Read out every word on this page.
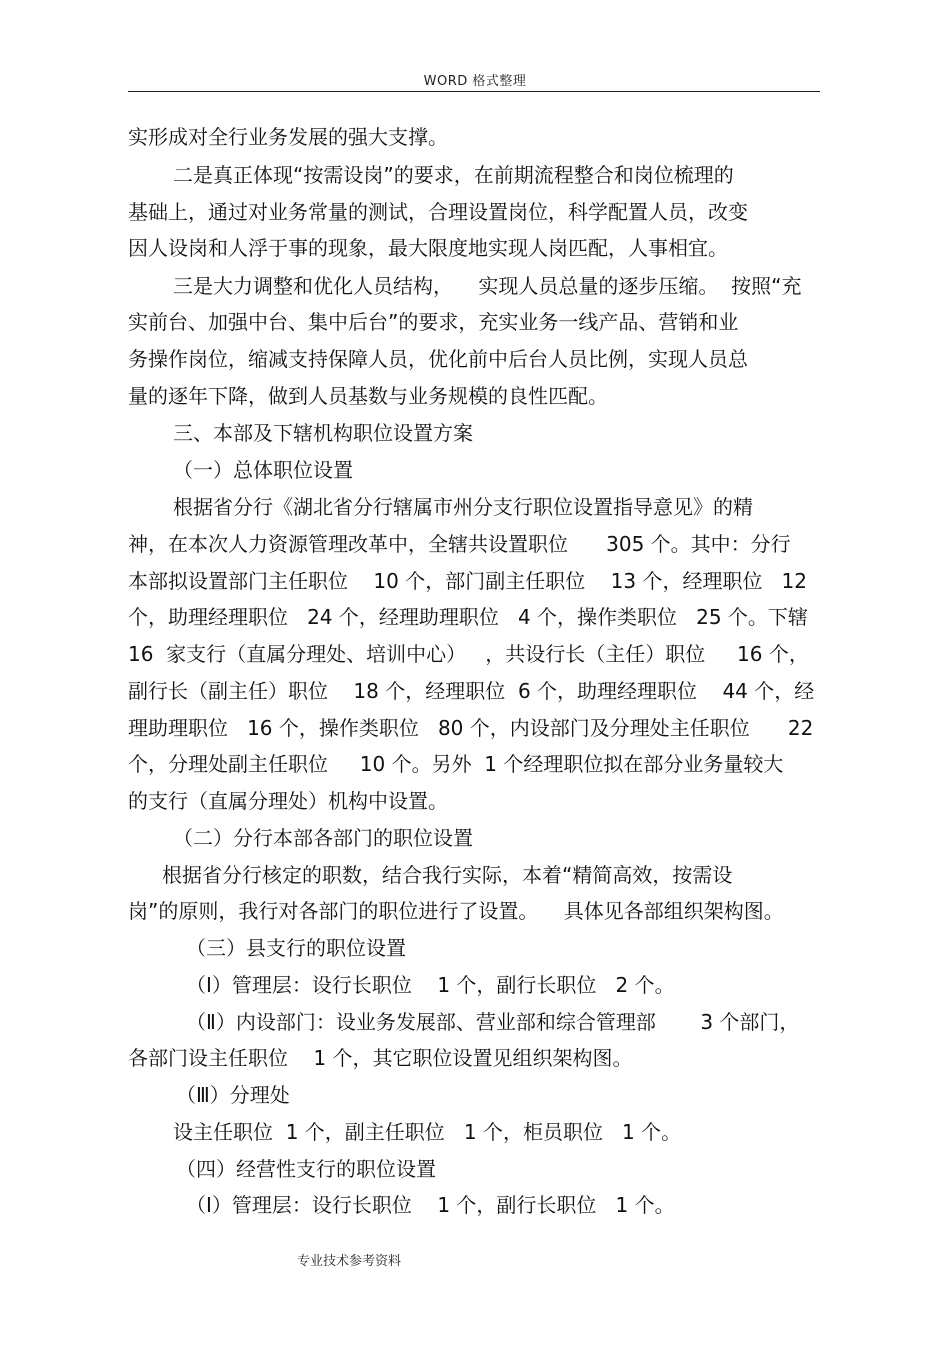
WORD 格式整理
实形成对全行业务发展的强大支撑。
二是真正体现“按需设岗”的要求，在前期流程整合和岗位梳理的
基础上，通过对业务常量的测试，合理设置岗位，科学配置人员，改变
因人设岗和人浮于事的现象，最大限度地实现人岗匹配，人事相宜。
三是大力调整和优化人员结构，    实现人员总量的逐步压缩。  按照“充
实前台、加强中台、集中后台”的要求，充实业务一线产品、营销和业
务操作岗位，缩减支持保障人员，优化前中后台人员比例，实现人员总
量的逐年下降，做到人员基数与业务规模的良性匹配。
三、本部及下辖机构职位设置方案
（一）总体职位设置
根据省分行《湖北省分行辖属市州分支行职位设置指导意见》的精
神，在本次人力资源管理改革中，全辖共设置职位      305 个。其中：分行
本部拟设置部门主任职位    10 个，部门副主任职位    13 个，经理职位   12
个，助理经理职位   24 个，经理助理职位   4 个，操作类职位   25 个。下辖
16  家支行（直属分理处、培训中心）   ，共设行长（主任）职位     16 个，
副行长（副主任）职位    18 个，经理职位  6 个，助理经理职位    44 个，经
理助理职位   16 个，操作类职位   80 个，内设部门及分理处主任职位      22
个，分理处副主任职位     10 个。另外  1 个经理职位拟在部分业务量较大
的支行（直属分理处）机构中设置。
（二）分行本部各部门的职位设置
根据省分行核定的职数，结合我行实际，本着“精简高效，按需设
岗”的原则，我行对各部门的职位进行了设置。    具体见各部组织架构图。
（三）县支行的职位设置
（Ⅰ）管理层：设行长职位    1 个，副行长职位   2 个。
（Ⅱ）内设部门：设业务发展部、营业部和综合管理部       3 个部门，
各部门设主任职位    1 个，其它职位设置见组织架构图。
（Ⅲ）分理处
设主任职位  1 个，副主任职位   1 个，柜员职位   1 个。
（四）经营性支行的职位设置
（Ⅰ）管理层：设行长职位    1 个，副行长职位   1 个。
专业技术参考资料
